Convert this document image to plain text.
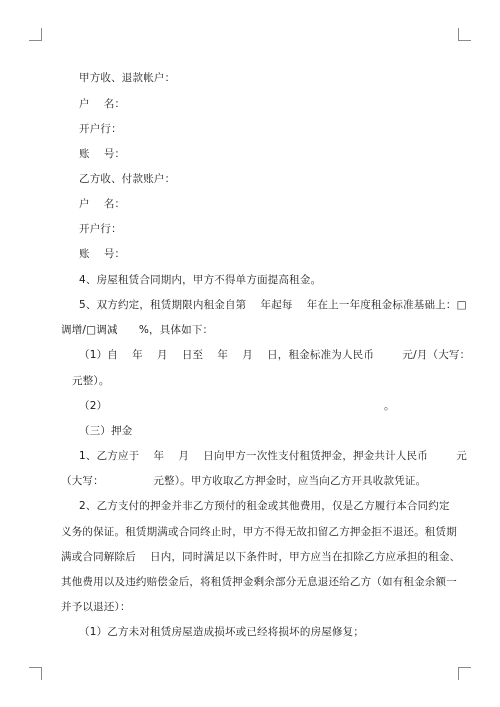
甲方收、退款帐户：
户    名：
开户行：
账    号：
乙方收、付款账户：
户    名：
开户行：
账    号：
4、房屋租赁合同期内，甲方不得单方面提高租金。
5、双方约定，租赁期限内租金自第    年起每    年在上一年度租金标准基础上：□
调增/□调减      %，具体如下：
（1）自    年    月    日至    年    月    日，租金标准为人民币        元/月（大写：
元整）。
（2）	。
（三）押金
1、乙方应于    年    月    日向甲方一次性支付租赁押金，押金共计人民币        元
（大写：              元整）。甲方收取乙方押金时，应当向乙方开具收款凭证。
2、乙方支付的押金并非乙方预付的租金或其他费用，仅是乙方履行本合同约定
义务的保证。租赁期满或合同终止时，甲方不得无故扣留乙方押金拒不退还。租赁期
满或合同解除后    日内，同时满足以下条件时，甲方应当在扣除乙方应承担的租金、
其他费用以及违约赔偿金后，将租赁押金剩余部分无息退还给乙方（如有租金余额一
并予以退还）：
（1）乙方未对租赁房屋造成损坏或已经将损坏的房屋修复；
